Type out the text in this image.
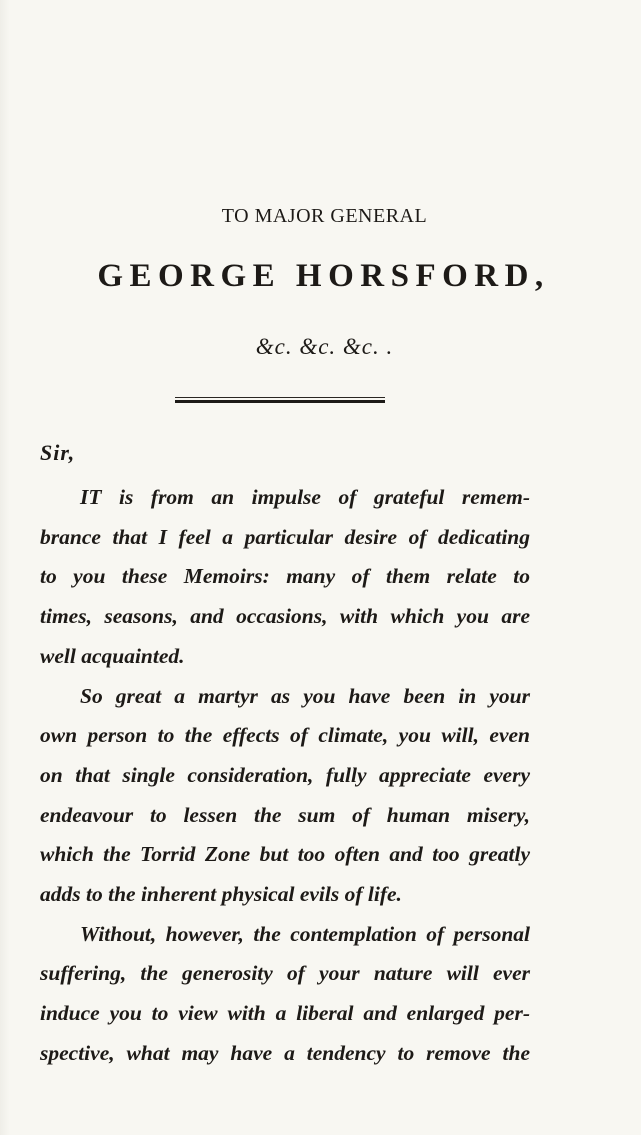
TO MAJOR GENERAL
GEORGE HORSFORD,
&c. &c. &c. .
Sir,
IT is from an impulse of grateful remem-
brance that I feel a particular desire of dedicating
to you these Memoirs: many of them relate to
times, seasons, and occasions, with which you are
well acquainted.
So great a martyr as you have been in your
own person to the effects of climate, you will, even
on that single consideration, fully appreciate every
endeavour to lessen the sum of human misery,
which the Torrid Zone but too often and too greatly
adds to the inherent physical evils of life.
Without, however, the contemplation of personal
suffering, the generosity of your nature will ever
induce you to view with a liberal and enlarged per-
spective, what may have a tendency to remove the
